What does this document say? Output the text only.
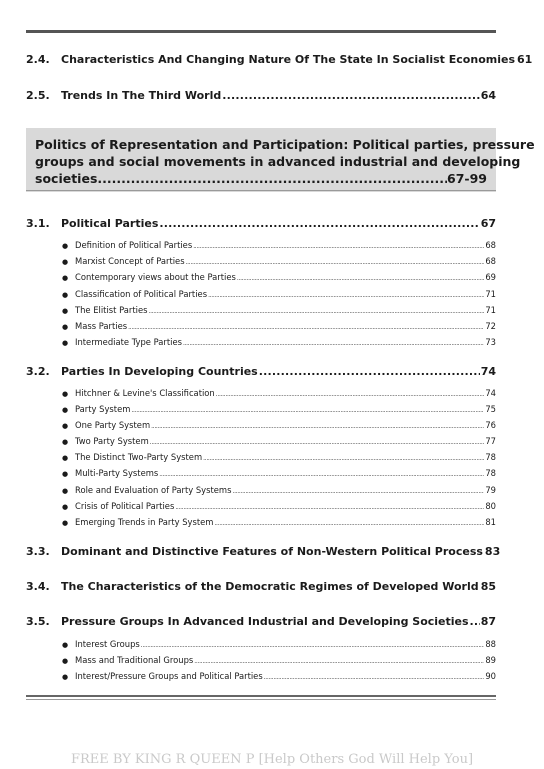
2.4.	Characteristics And Changing Nature Of The State In Socialist Economies 61
2.5.	Trends In The Third World .....	64
Politics of Representation and Participation: Political parties, pressure
groups and social movements in advanced industrial and developing
societies. .....	67-99
3.1.	Political Parties .....	67
● Definition of Political Parties .....	68
● Marxist Concept of Parties .....	68
● Contemporary views about the Parties .....	69
● Classification of Political Parties .....	71
● The Elitist Parties .....	71
● Mass Parties .....	72
● Intermediate Type Parties .....	73
3.2.	Parties In Developing Countries .....	74
● Hitchner & Levine's Classification .....	74
● Party System .....	75
● One Party System .....	76
● Two Party System .....	77
● The Distinct Two-Party System .....	78
● Multi-Party Systems .....	78
● Role and Evaluation of Party Systems .....	79
● Crisis of Political Parties .....	80
● Emerging Trends in Party System .....	81
3.3.	Dominant and Distinctive Features of Non-Western Political Process 83
3.4.	The Characteristics of the Democratic Regimes of Developed World ..... 85
3.5.	Pressure Groups In Advanced Industrial and Developing Societies ..... 87
● Interest Groups .....	88
● Mass and Traditional Groups .....	89
● Interest/Pressure Groups and Political Parties .....	90
FREE BY KING R QUEEN P [Help Others God Will Help You]
